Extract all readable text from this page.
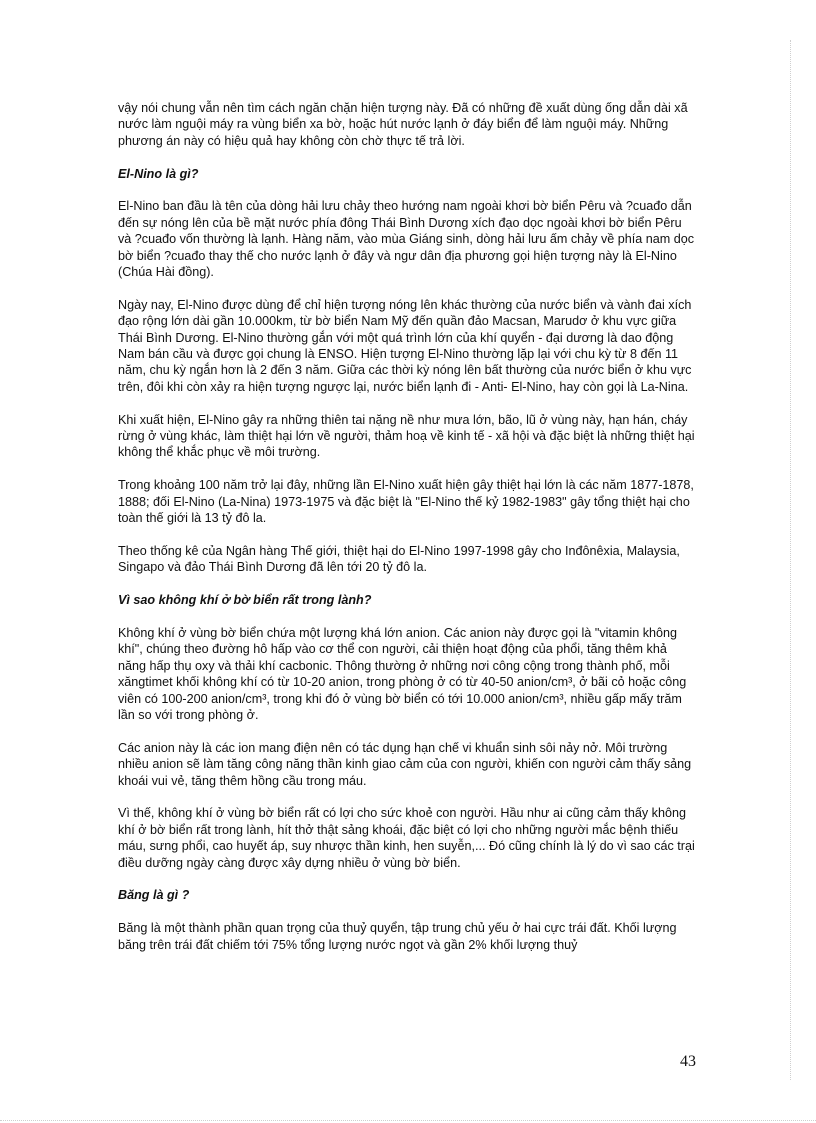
vậy nói chung vẫn nên tìm cách ngăn chặn hiện tượng này. Đã có những đề xuất dùng ống dẫn dài xã nước làm nguội máy ra vùng biển xa bờ, hoặc hút nước lạnh ở đáy biển để làm nguội máy. Những phương án này có hiệu quả hay không còn chờ thực tế trả lời.

El-Nino là gì?

El-Nino ban đầu là tên của dòng hải lưu chảy theo hướng nam ngoài khơi bờ biển Pêru và ?cuađo dẫn đến sự nóng lên của bề mặt nước phía đông Thái Bình Dương xích đạo dọc ngoài khơi bờ biển Pêru và ?cuađo vốn thường là lạnh. Hàng năm, vào mùa Giáng sinh, dòng hải lưu ấm chảy về phía nam dọc bờ biển ?cuađo thay thế cho nước lạnh ở đây và ngư dân địa phương gọi hiện tượng này là El-Nino (Chúa Hài đồng).

Ngày nay, El-Nino được dùng để chỉ hiện tượng nóng lên khác thường của nước biển và vành đai xích đạo rộng lớn dài gần 10.000km, từ bờ biển Nam Mỹ đến quần đảo Macsan, Marudơ ở khu vực giữa Thái Bình Dương. El-Nino thường gắn với một quá trình lớn của khí quyển - đại dương là dao động Nam bán cầu và được gọi chung là ENSO. Hiện tượng El-Nino thường lặp lại với chu kỳ từ 8 đến 11 năm, chu kỳ ngắn hơn là 2 đến 3 năm. Giữa các thời kỳ nóng lên bất thường của nước biển ở khu vực trên, đôi khi còn xảy ra hiện tượng ngược lại, nước biển lạnh đi - Anti- El-Nino, hay còn gọi là La-Nina.

Khi xuất hiện, El-Nino gây ra những thiên tai nặng nề như mưa lớn, bão, lũ ở vùng này, hạn hán, cháy rừng ở vùng khác, làm thiệt hại lớn về người, thảm hoạ về kinh tế - xã hội và đặc biệt là những thiệt hại không thể khắc phục về môi trường.

Trong khoảng 100 năm trở lại đây, những lần El-Nino xuất hiện gây thiệt hại lớn là các năm 1877-1878, 1888; đối El-Nino (La-Nina) 1973-1975 và đặc biệt là "El-Nino thế kỷ 1982-1983" gây tổng thiệt hại cho toàn thế giới là 13 tỷ đô la.

Theo thống kê của Ngân hàng Thế giới, thiệt hại do El-Nino 1997-1998 gây cho Inđônêxia, Malaysia, Singapo và đảo Thái Bình Dương đã lên tới 20 tỷ đô la.

Vì sao không khí ở bờ biển rất trong lành?

Không khí ở vùng bờ biển chứa một lượng khá lớn anion. Các anion này được gọi là "vitamin không khí", chúng theo đường hô hấp vào cơ thể con người, cải thiện hoạt động của phổi, tăng thêm khả năng hấp thụ oxy và thải khí cacbonic. Thông thường ở những nơi công cộng trong thành phố, mỗi xăngtimet khối không khí có từ 10-20 anion, trong phòng ở có từ 40-50 anion/cm³, ở bãi cỏ hoặc công viên có 100-200 anion/cm³, trong khi đó ở vùng bờ biển có tới 10.000 anion/cm³, nhiều gấp mấy trăm lần so với trong phòng ở.

Các anion này là các ion mang điện nên có tác dụng hạn chế vi khuẩn sinh sôi nảy nở. Môi trường nhiều anion sẽ làm tăng công năng thần kinh giao cảm của con người, khiến con người cảm thấy sảng khoái vui vẻ, tăng thêm hồng cầu trong máu.

Vì thế, không khí ở vùng bờ biển rất có lợi cho sức khoẻ con người. Hầu như ai cũng cảm thấy không khí ở bờ biển rất trong lành, hít thở thật sảng khoái, đặc biệt có lợi cho những người mắc bệnh thiếu máu, sưng phổi, cao huyết áp, suy nhược thần kinh, hen suyễn,... Đó cũng chính là lý do vì sao các trại điều dưỡng ngày càng được xây dựng nhiều ở vùng bờ biển.

Băng là gì ?

Băng là một thành phần quan trọng của thuỷ quyển, tập trung chủ yếu ở hai cực trái đất. Khối lượng băng trên trái đất chiếm tới 75% tổng lượng nước ngọt và gần 2% khối lượng thuỷ

43
